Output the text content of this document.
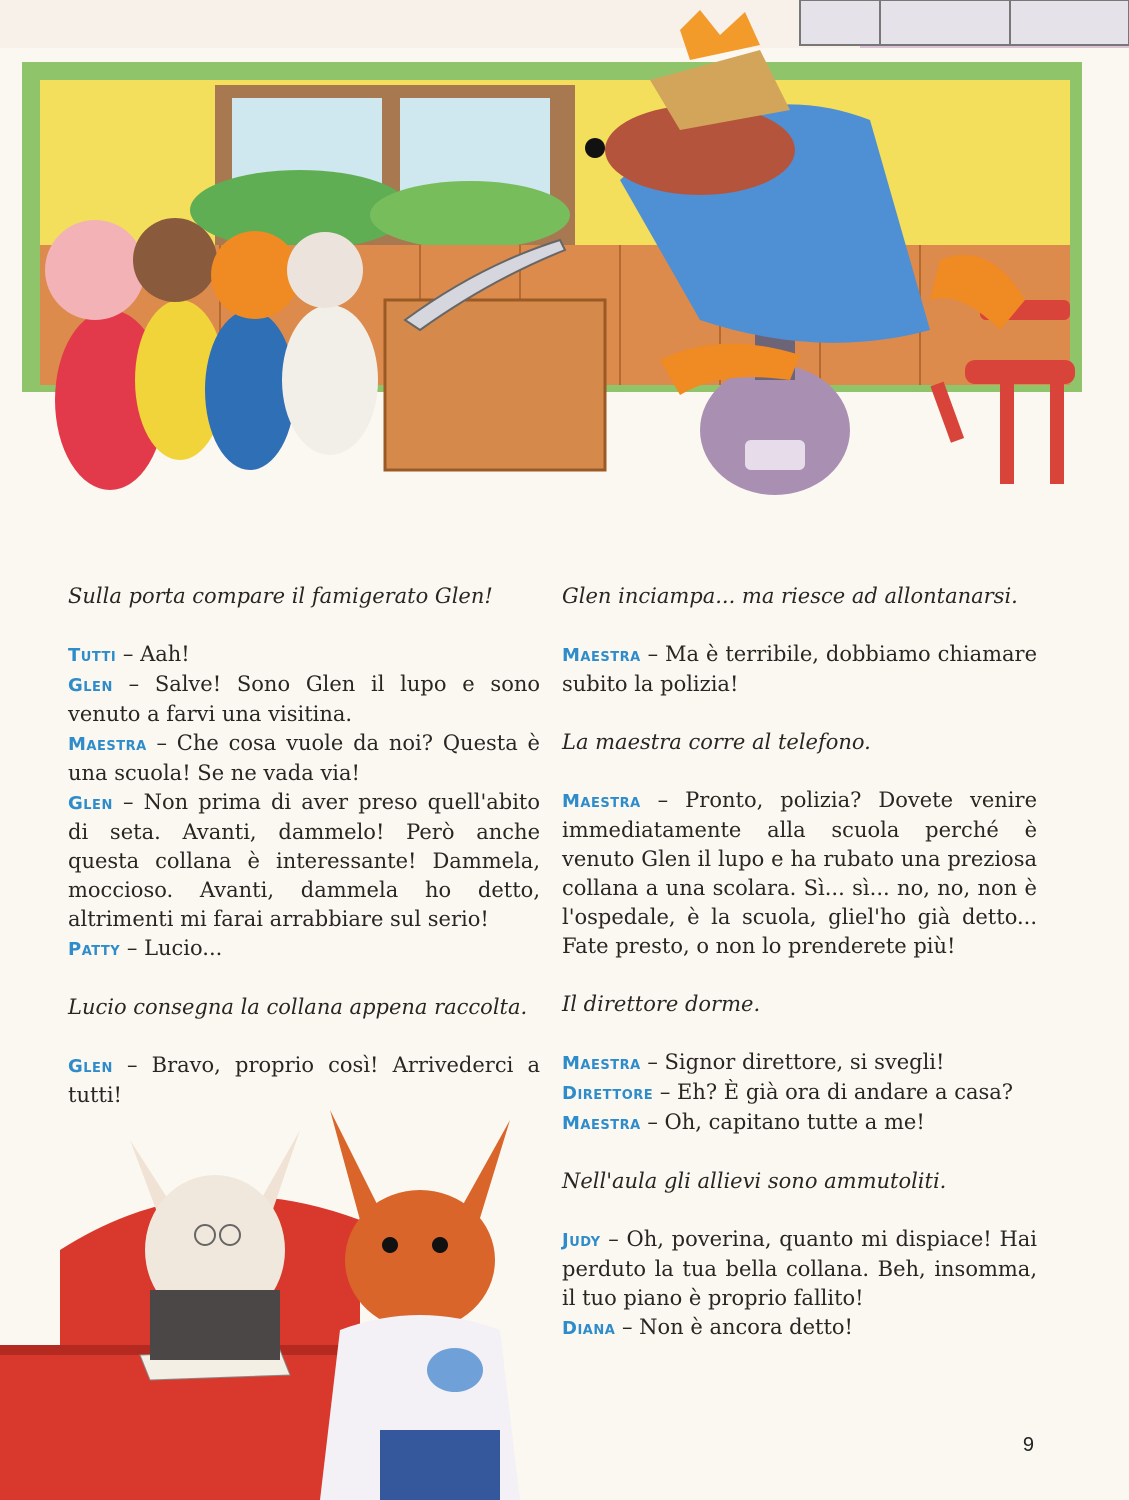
Sulla porta compare il famigerato Glen!

Tutti – Aah!

Glen – Salve! Sono Glen il lupo e sono venuto a farvi una visitina.

Maestra – Che cosa vuole da noi? Questa è una scuola! Se ne vada via!

Glen – Non prima di aver preso quell'abito di seta. Avanti, dammelo! Però anche questa collana è interessante! Dammela, moccioso. Avanti, dammela ho detto, altrimenti mi farai arrabbiare sul serio!

Patty – Lucio...

Lucio consegna la collana appena raccolta.

Glen – Bravo, proprio così! Arrivederci a tutti!

Glen inciampa... ma riesce ad allontanarsi.

Maestra – Ma è terribile, dobbiamo chiamare subito la polizia!

La maestra corre al telefono.

Maestra – Pronto, polizia? Dovete venire immediatamente alla scuola perché è venuto Glen il lupo e ha rubato una preziosa collana a una scolara. Sì... sì... no, no, non è l'ospedale, è la scuola, gliel'ho già detto... Fate presto, o non lo prenderete più!

Il direttore dorme.

Maestra – Signor direttore, si svegli!

Direttore – Eh? È già ora di andare a casa?

Maestra – Oh, capitano tutte a me!

Nell'aula gli allievi sono ammutoliti.

Judy – Oh, poverina, quanto mi dispiace! Hai perduto la tua bella collana. Beh, insomma, il tuo piano è proprio fallito!

Diana – Non è ancora detto!

9
